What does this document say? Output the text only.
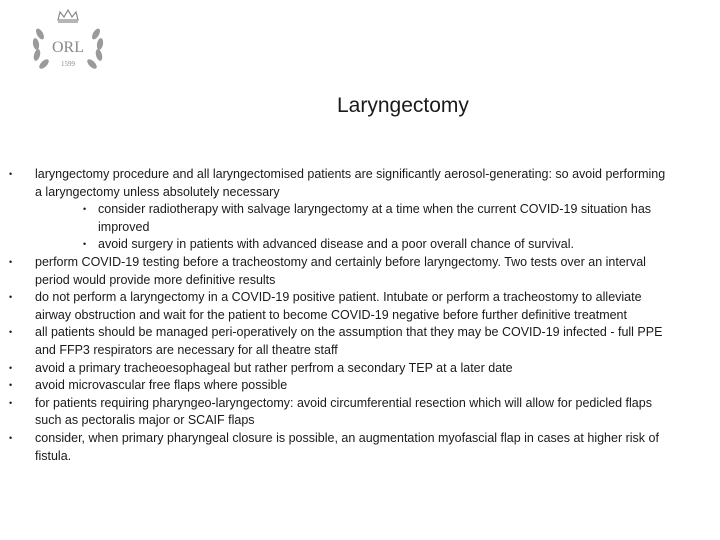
ORL
1599
Laryngectomy
• laryngectomy procedure and all laryngectomised patients are significantly aerosol-generating: so avoid performing a laryngectomy unless absolutely necessary
• consider radiotherapy with salvage laryngectomy at a time when the current COVID-19 situation has improved
• avoid surgery in patients with advanced disease and a poor overall chance of survival.
• perform COVID-19 testing before a tracheostomy and certainly before laryngectomy. Two tests over an interval period would provide more definitive results
• do not perform a laryngectomy in a COVID-19 positive patient. Intubate or perform a tracheostomy to alleviate airway obstruction and wait for the patient to become COVID-19 negative before further definitive treatment
• all patients should be managed peri-operatively on the assumption that they may be COVID-19 infected - full PPE and FFP3 respirators are necessary for all theatre staff
• avoid a primary tracheoesophageal but rather perfrom a secondary TEP at a later date
• avoid microvascular free flaps where possible
• for patients requiring pharyngeo-laryngectomy: avoid circumferential resection which will allow for pedicled flaps such as pectoralis major or SCAIF flaps
• consider, when primary pharyngeal closure is possible, an augmentation myofascial flap in cases at higher risk of fistula.
